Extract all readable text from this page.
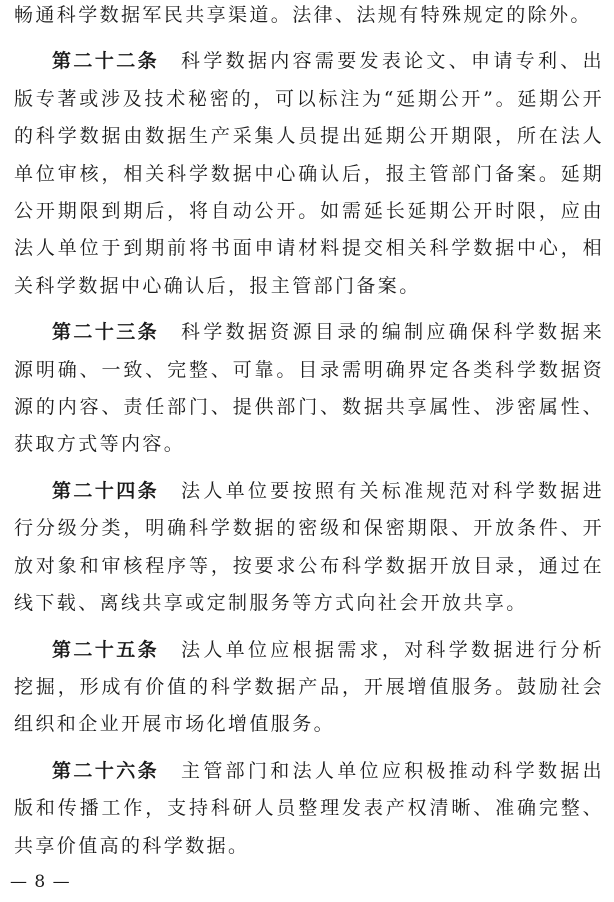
畅通科学数据军民共享渠道。法律、法规有特殊规定的除外。

第二十二条 科学数据内容需要发表论文、申请专利、出版专著或涉及技术秘密的，可以标注为“延期公开”。延期公开的科学数据由数据生产采集人员提出延期公开期限，所在法人单位审核，相关科学数据中心确认后，报主管部门备案。延期公开期限到期后，将自动公开。如需延长延期公开时限，应由法人单位于到期前将书面申请材料提交相关科学数据中心，相关科学数据中心确认后，报主管部门备案。

第二十三条 科学数据资源目录的编制应确保科学数据来源明确、一致、完整、可靠。目录需明确界定各类科学数据资源的内容、责任部门、提供部门、数据共享属性、涉密属性、获取方式等内容。

第二十四条 法人单位要按照有关标准规范对科学数据进行分级分类，明确科学数据的密级和保密期限、开放条件、开放对象和审核程序等，按要求公布科学数据开放目录，通过在线下载、离线共享或定制服务等方式向社会开放共享。

第二十五条 法人单位应根据需求，对科学数据进行分析挖掘，形成有价值的科学数据产品，开展增值服务。鼓励社会组织和企业开展市场化增值服务。

第二十六条 主管部门和法人单位应积极推动科学数据出版和传播工作，支持科研人员整理发表产权清晰、准确完整、共享价值高的科学数据。

— 8 —
